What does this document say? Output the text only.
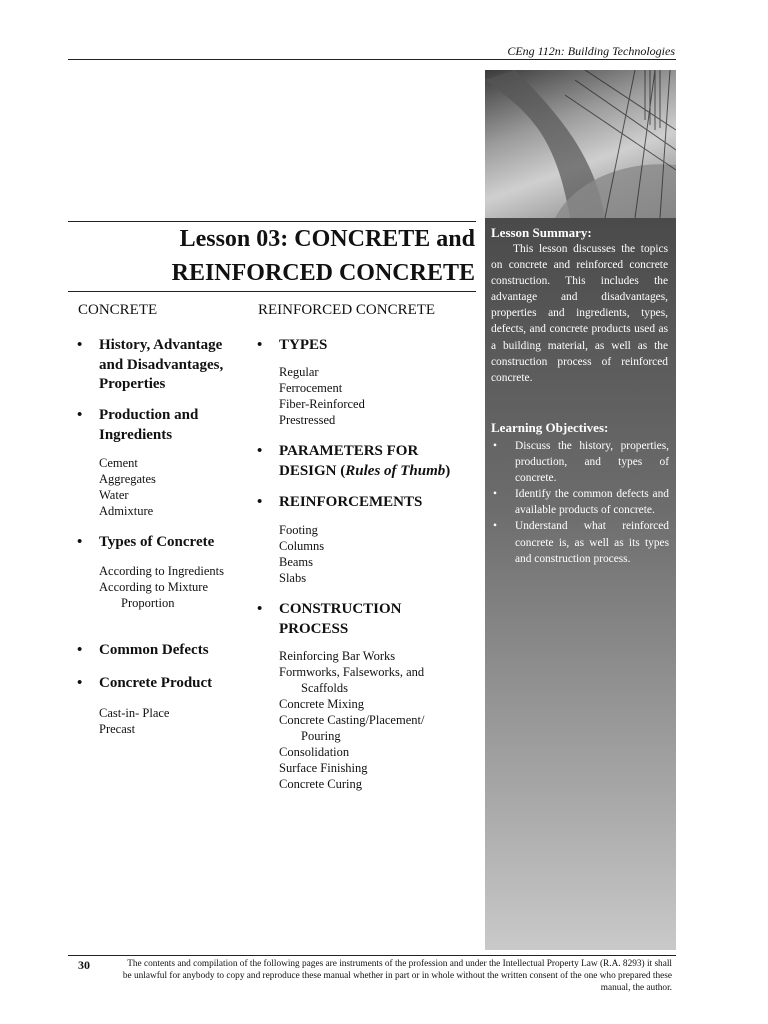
CEng 112n: Building Technologies
Lesson 03: CONCRETE and
REINFORCED CONCRETE
CONCRETE
• History, Advantage
and Disadvantages,
Properties
• Production and
Ingredients
Cement
Aggregates
Water
Admixture
• Types of Concrete
According to Ingredients
According to Mixture
Proportion
• Common Defects
• Concrete Product
Cast-in- Place
Precast
REINFORCED CONCRETE
• TYPES
Regular
Ferrocement
Fiber-Reinforced
Prestressed
• PARAMETERS FOR
DESIGN (Rules of Thumb)
• REINFORCEMENTS
Footing
Columns
Beams
Slabs
• CONSTRUCTION
PROCESS
Reinforcing Bar Works
Formworks, Falseworks, and
Scaffolds
Concrete Mixing
Concrete Casting/Placement/
Pouring
Consolidation
Surface Finishing
Concrete Curing
Lesson Summary:
This lesson discusses the topics on concrete and reinforced concrete construction. This includes the advantage and disadvantages, properties and ingredients, types, defects, and concrete products used as a building material, as well as the construction process of reinforced concrete.
Learning Objectives:
• Discuss the history, properties, production, and types of concrete.
• Identify the common defects and available products of concrete.
• Understand what reinforced concrete is, as well as its types and construction process.
30	The contents and compilation of the following pages are instruments of the profession and under the Intellectual Property Law (R.A. 8293) it shall be unlawful for anybody to copy and reproduce these manual whether in part or in whole without the written consent of the one who prepared these manual, the author.
